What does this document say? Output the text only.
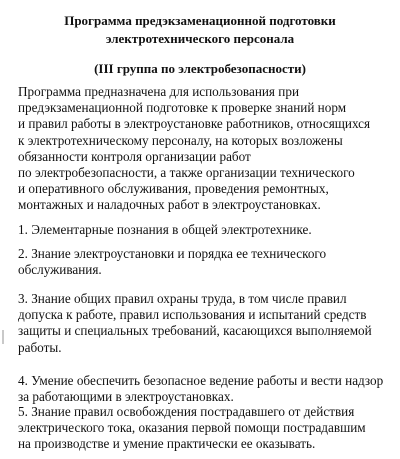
Программа предэкзаменационной подготовки
электротехнического персонала
(III группа по электробезопасности)
Программа предназначена для использования при
предэкзаменационной подготовке к проверке знаний норм
и правил работы в электроустановке работников, относящихся
к электротехническому персоналу, на которых возложены
обязанности контроля организации работ
по электробезопасности, а также организации технического
и оперативного обслуживания, проведения ремонтных,
монтажных и наладочных работ в электроустановках.
1. Элементарные познания в общей электротехнике.
2. Знание электроустановки и порядка ее технического
обслуживания.
3. Знание общих правил охраны труда, в том числе правил
допуска к работе, правил использования и испытаний средств
защиты и специальных требований, касающихся выполняемой
работы.
4. Умение обеспечить безопасное ведение работы и вести надзор
за работающими в электроустановках.
5. Знание правил освобождения пострадавшего от действия
электрического тока, оказания первой помощи пострадавшим
на производстве и умение практически ее оказывать.
